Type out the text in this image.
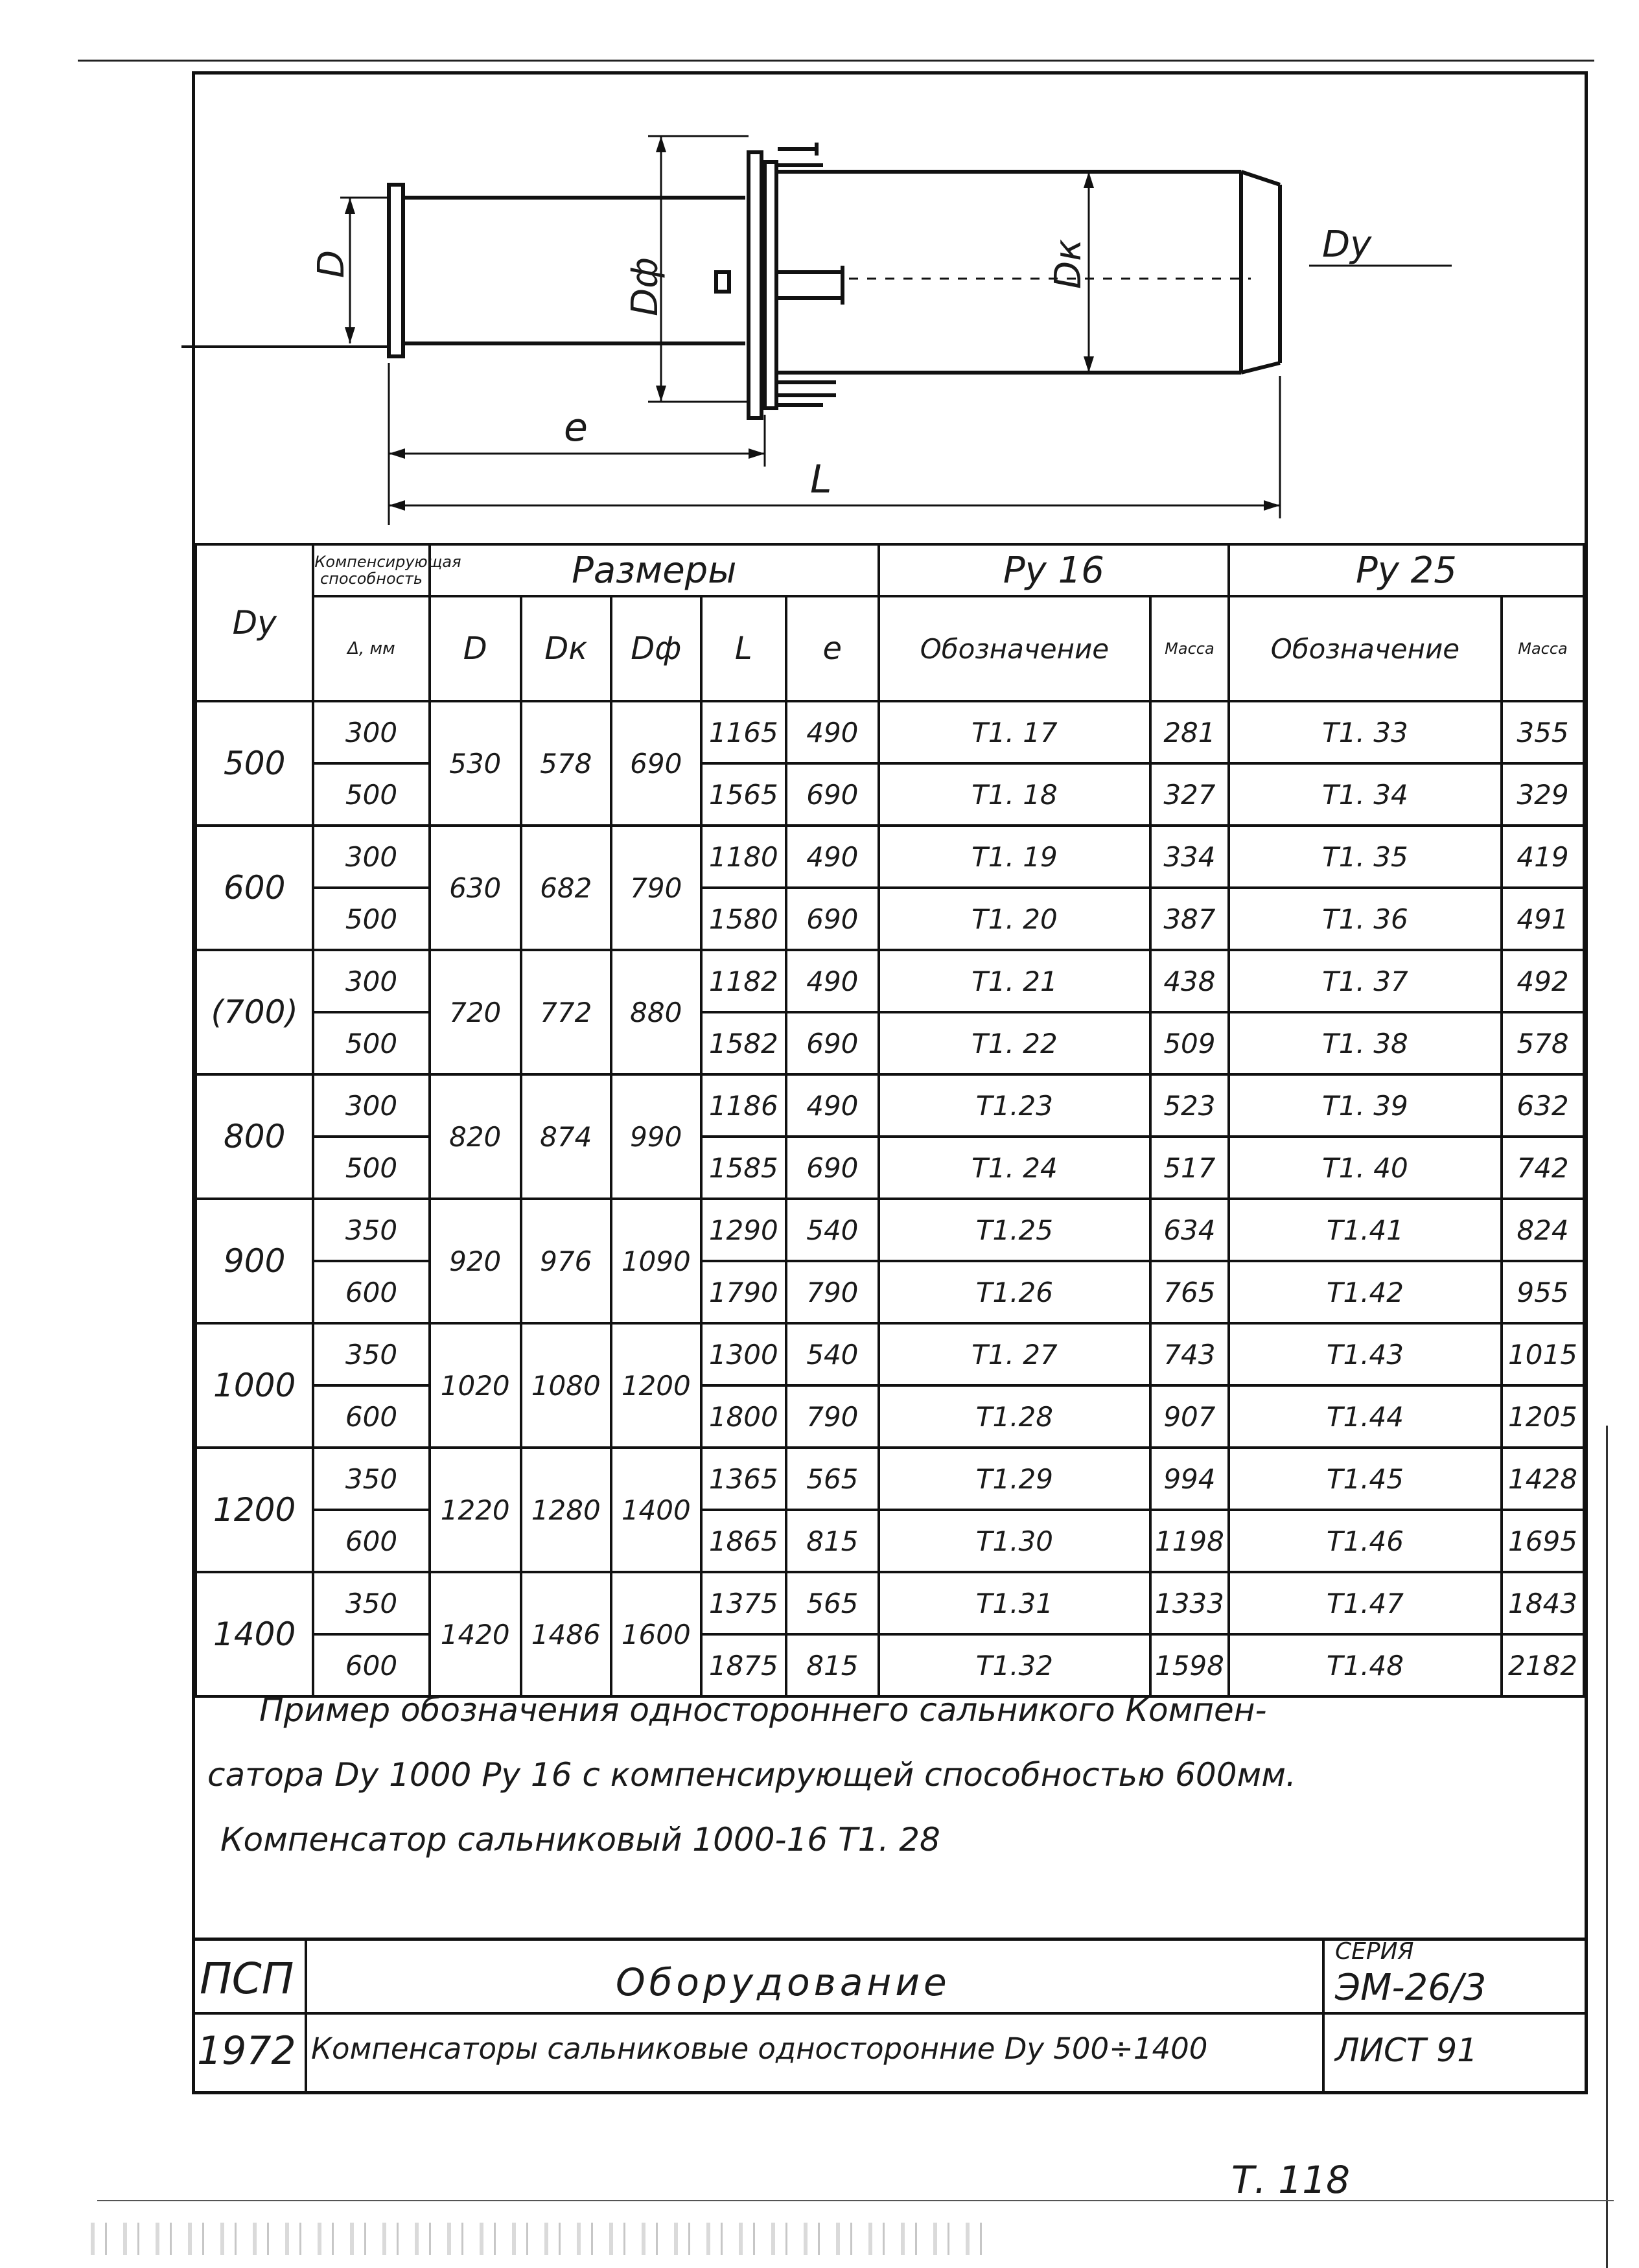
D	Dф	Dк	Dy
e
L
Dy	Компенсирующая способность	Размеры					Ру 16		Ру 25	
	Δ, мм	D	Dк	Dф	L	e	Обозначение	Масса	Обозначение	Масса
500	300	530	578	690	1165	490	Т1. 17	281	Т1. 33	355
	500				1565	690	Т1. 18	327	Т1. 34	329
600	300	630	682	790	1180	490	Т1. 19	334	Т1. 35	419
	500				1580	690	Т1. 20	387	Т1. 36	491
(700)	300	720	772	880	1182	490	Т1. 21	438	Т1. 37	492
	500				1582	690	Т1. 22	509	Т1. 38	578
800	300	820	874	990	1186	490	Т1.23	523	Т1. 39	632
	500				1585	690	Т1. 24	517	Т1. 40	742
900	350	920	976	1090	1290	540	Т1.25	634	Т1.41	824
	600				1790	790	Т1.26	765	Т1.42	955
1000	350	1020	1080	1200	1300	540	Т1. 27	743	Т1.43	1015
	600				1800	790	Т1.28	907	Т1.44	1205
1200	350	1220	1280	1400	1365	565	Т1.29	994	Т1.45	1428
	600				1865	815	Т1.30	1198	Т1.46	1695
1400	350	1420	1486	1600	1375	565	Т1.31	1333	Т1.47	1843
	600				1875	815	Т1.32	1598	Т1.48	2182
Пример обозначения одностороннего сальникого Компен-
сатора Dy 1000 Ру 16 с компенсирующей способностью 600мм.
Компенсатор сальниковый 1000-16 Т1. 28
ПСП
1972
Оборудование
Компенсаторы сальниковые односторонние Dy 500÷1400
СЕРИЯ
ЭМ-26/3
ЛИСТ 91
Т. 118
